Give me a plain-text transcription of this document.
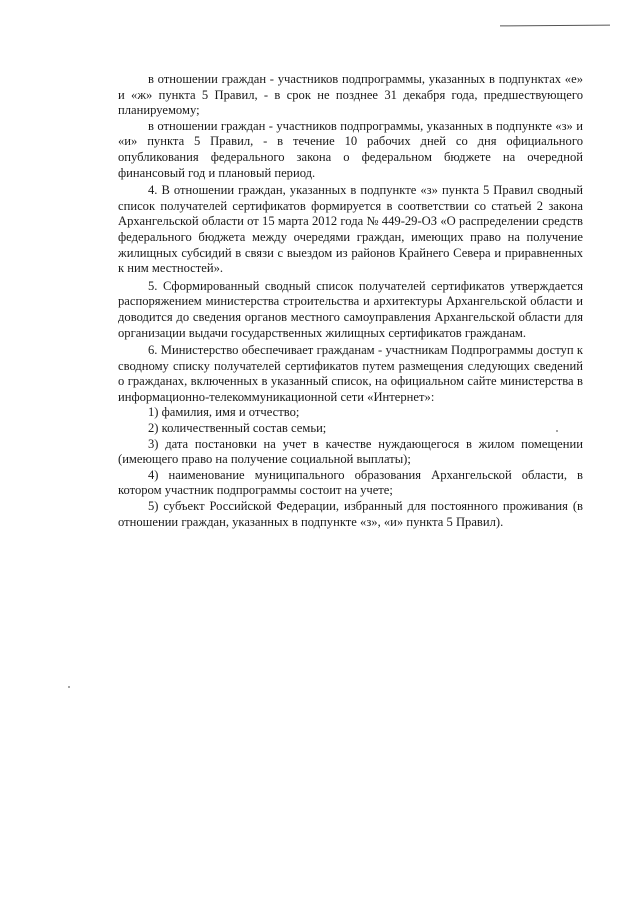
в отношении граждан - участников подпрограммы, указанных в подпунктах «е» и «ж» пункта 5 Правил, - в срок не позднее 31 декабря года, предшествующего планируемому;

в отношении граждан - участников подпрограммы, указанных в подпункте «з» и «и» пункта 5 Правил, - в течение 10 рабочих дней со дня официального опубликования федерального закона о федеральном бюджете на очередной финансовый год и плановый период.

4. В отношении граждан, указанных в подпункте «з» пункта 5 Правил сводный список получателей сертификатов формируется в соответствии со статьей 2 закона Архангельской области от 15 марта 2012 года № 449-29-ОЗ «О распределении средств федерального бюджета между очередями граждан, имеющих право на получение жилищных субсидий в связи с выездом из районов Крайнего Севера и приравненных к ним местностей».

5. Сформированный сводный список получателей сертификатов утверждается распоряжением министерства строительства и архитектуры Архангельской области и доводится до сведения органов местного самоуправления Архангельской области для организации выдачи государственных жилищных сертификатов гражданам.

6. Министерство обеспечивает гражданам - участникам Подпрограммы доступ к сводному списку получателей сертификатов путем размещения следующих сведений о гражданах, включенных в указанный список, на официальном сайте министерства в информационно-телекоммуникационной сети «Интернет»:

1) фамилия, имя и отчество;

2) количественный состав семьи;

3) дата постановки на учет в качестве нуждающегося в жилом помещении (имеющего право на получение социальной выплаты);

4) наименование муниципального образования Архангельской области, в котором участник подпрограммы состоит на учете;

5) субъект Российской Федерации, избранный для постоянного проживания (в отношении граждан, указанных в подпункте «з», «и» пункта 5 Правил).
